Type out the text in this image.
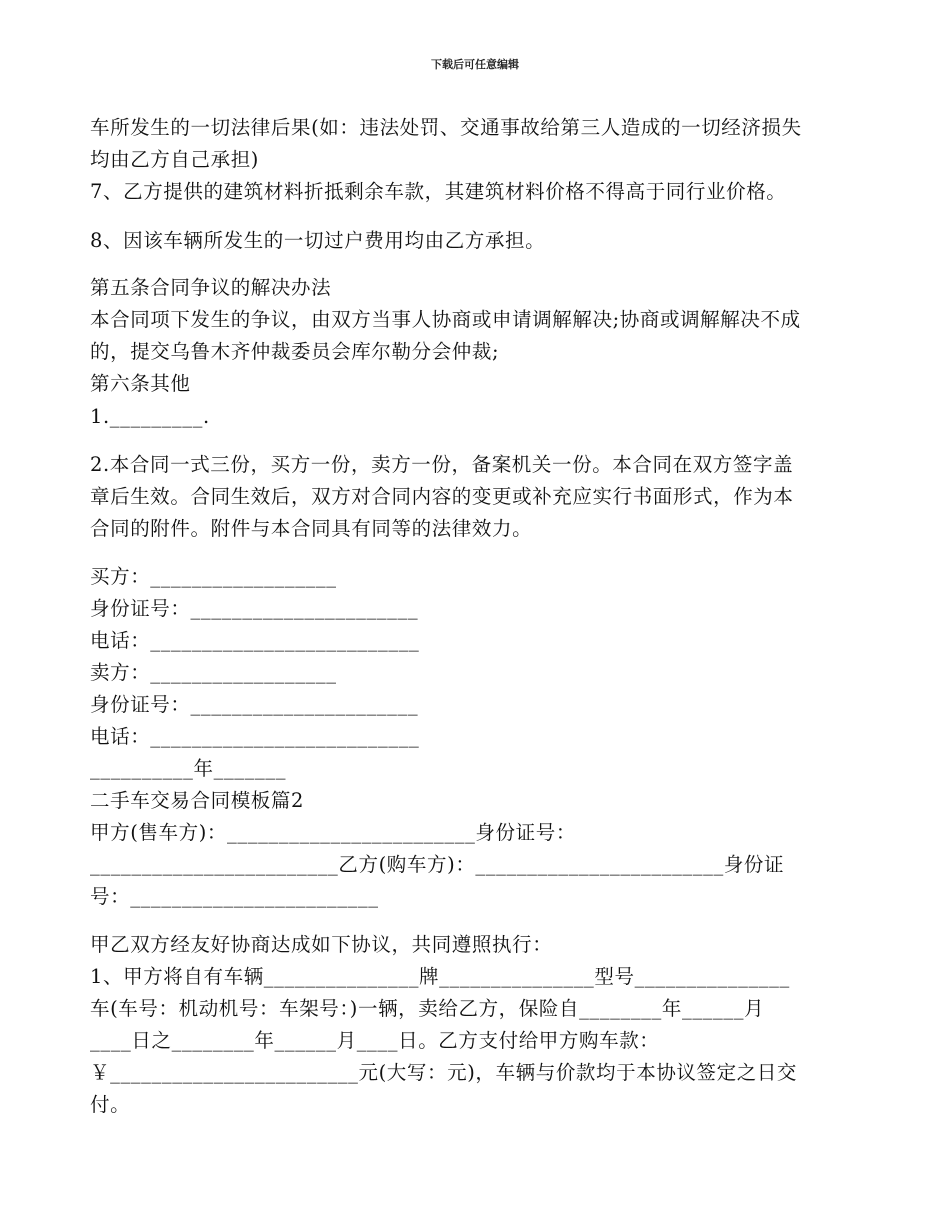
下载后可任意编辑
车所发生的一切法律后果(如：违法处罚、交通事故给第三人造成的一切经济损失
均由乙方自己承担)
7、乙方提供的建筑材料折抵剩余车款，其建筑材料价格不得高于同行业价格。
8、因该车辆所发生的一切过户费用均由乙方承担。
第五条合同争议的解决办法
本合同项下发生的争议，由双方当事人协商或申请调解解决;协商或调解解决不成
的，提交乌鲁木齐仲裁委员会库尔勒分会仲裁;
第六条其他
1._________.
2.本合同一式三份，买方一份，卖方一份，备案机关一份。本合同在双方签字盖
章后生效。合同生效后，双方对合同内容的变更或补充应实行书面形式，作为本
合同的附件。附件与本合同具有同等的法律效力。
买方：__________________
身份证号：______________________
电话：__________________________
卖方：__________________
身份证号：______________________
电话：__________________________
__________年_______
二手车交易合同模板篇2
甲方(售车方)：________________________身份证号：
________________________乙方(购车方)：________________________身份证
号：________________________
甲乙双方经友好协商达成如下协议，共同遵照执行：
1、甲方将自有车辆_______________牌_______________型号_______________
车(车号：机动机号：车架号：)一辆，卖给乙方，保险自________年______月
____日之________年______月____日。乙方支付给甲方购车款：
￥________________________元(大写：元)，车辆与价款均于本协议签定之日交
付。
